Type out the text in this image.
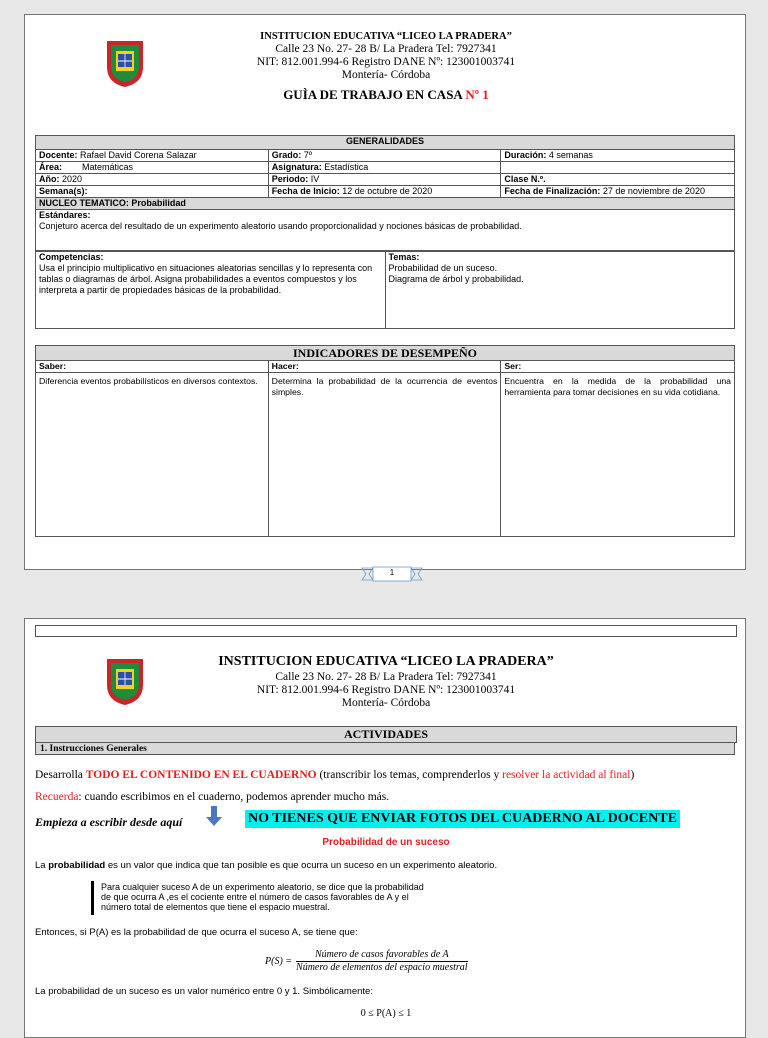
INSTITUCION EDUCATIVA “LICEO LA PRADERA”
Calle 23 No. 27- 28 B/ La Pradera Tel: 7927341
NIT: 812.001.994-6 Registro DANE Nº: 123001003741
Montería- Córdoba
GUÌA DE TRABAJO EN CASA Nº 1
GENERALIDADES		
Docente: Rafael David Corena Salazar	Grado: 7º	Duración: 4 semanas
Área: Matemáticas	Asignatura: Estadística	
Año: 2020	Periodo: IV	Clase N.º.
Semana(s):	Fecha de Inicio: 12 de octubre de 2020	Fecha de Finalización: 27 de noviembre de 2020
NUCLEO TEMATICO: Probabilidad		
Estándares:
Conjeturo acerca del resultado de un experimento aleatorio usando proporcionalidad y nociones básicas de probabilidad.		
Competencias:
Usa el principio multiplicativo en situaciones aleatorias sencillas y lo representa con tablas o diagramas de árbol. Asigna probabilidades a eventos compuestos y los interpreta a partir de propiedades básicas de la probabilidad.	Temas:
Probabilidad de un suceso.
Diagrama de árbol y probabilidad.
INDICADORES DE DESEMPEÑO		
Saber:	Hacer:	Ser:
Diferencia eventos probabilísticos en diversos contextos.	Determina la probabilidad de la ocurrencia de eventos simples.	Encuentra en la medida de la probabilidad una herramienta para tomar decisiones en su vida cotidiana.
1
INSTITUCION EDUCATIVA “LICEO LA PRADERA”
Calle 23 No. 27- 28 B/ La Pradera Tel: 7927341
NIT: 812.001.994-6 Registro DANE Nº: 123001003741
Montería- Córdoba
ACTIVIDADES
1. Instrucciones Generales
Desarrolla TODO EL CONTENIDO EN EL CUADERNO (transcribir los temas, comprenderlos y resolver la actividad al final)
Recuerda: cuando escribimos en el cuaderno, podemos aprender mucho más.
Empieza a escribir desde aquí	NO TIENES QUE ENVIAR FOTOS DEL CUADERNO AL DOCENTE
Probabilidad de un suceso
La probabilidad es un valor que indica que tan posible es que ocurra un suceso en un experimento aleatorio.
Para cualquier suceso A de un experimento aleatorio, se dice que la probabilidad
de que ocurra A ,es el cociente entre el número de casos favorables de A y el
número total de elementos que tiene el espacio muestral.
Entonces, si P(A) es la probabilidad de que ocurra el suceso A, se tiene que:
P(S) =
Número de casos favorables de A
Número de elementos del espacio muestral
La probabilidad de un suceso es un valor numérico entre 0 y 1. Simbólicamente:
0 ≤ P(A) ≤ 1
